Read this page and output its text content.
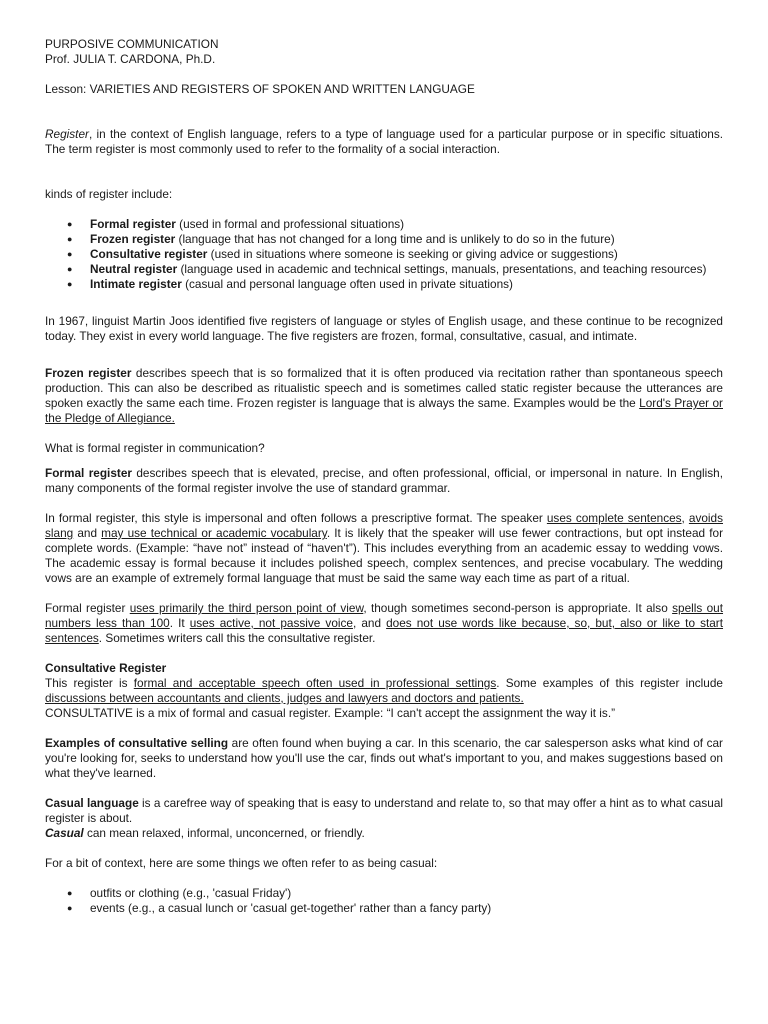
PURPOSIVE COMMUNICATION

Prof. JULIA T. CARDONA, Ph.D.

Lesson: VARIETIES AND REGISTERS OF SPOKEN AND WRITTEN LANGUAGE

Register, in the context of English language, refers to a type of language used for a particular purpose or in specific situations. The term register is most commonly used to refer to the formality of a social interaction.

kinds of register include:

● Formal register (used in formal and professional situations)
● Frozen register (language that has not changed for a long time and is unlikely to do so in the future)
● Consultative register (used in situations where someone is seeking or giving advice or suggestions)
● Neutral register (language used in academic and technical settings, manuals, presentations, and teaching resources)
● Intimate register (casual and personal language often used in private situations)

In 1967, linguist Martin Joos identified five registers of language or styles of English usage, and these continue to be recognized today. They exist in every world language. The five registers are frozen, formal, consultative, casual, and intimate.

Frozen register describes speech that is so formalized that it is often produced via recitation rather than spontaneous speech production. This can also be described as ritualistic speech and is sometimes called static register because the utterances are spoken exactly the same each time. Frozen register is language that is always the same. Examples would be the Lord's Prayer or the Pledge of Allegiance.

What is formal register in communication?

Formal register describes speech that is elevated, precise, and often professional, official, or impersonal in nature. In English, many components of the formal register involve the use of standard grammar.

In formal register, this style is impersonal and often follows a prescriptive format. The speaker uses complete sentences, avoids slang and may use technical or academic vocabulary. It is likely that the speaker will use fewer contractions, but opt instead for complete words. (Example: “have not” instead of “haven't”). This includes everything from an academic essay to wedding vows. The academic essay is formal because it includes polished speech, complex sentences, and precise vocabulary. The wedding vows are an example of extremely formal language that must be said the same way each time as part of a ritual.

Formal register uses primarily the third person point of view, though sometimes second-person is appropriate. It also spells out numbers less than 100. It uses active, not passive voice, and does not use words like because, so, but, also or like to start sentences. Sometimes writers call this the consultative register.

Consultative Register

This register is formal and acceptable speech often used in professional settings. Some examples of this register include discussions between accountants and clients, judges and lawyers and doctors and patients.

CONSULTATIVE is a mix of formal and casual register. Example: “I can't accept the assignment the way it is.”

Examples of consultative selling are often found when buying a car. In this scenario, the car salesperson asks what kind of car you're looking for, seeks to understand how you'll use the car, finds out what's important to you, and makes suggestions based on what they've learned.

Casual language is a carefree way of speaking that is easy to understand and relate to, so that may offer a hint as to what casual register is about.

Casual can mean relaxed, informal, unconcerned, or friendly.

For a bit of context, here are some things we often refer to as being casual:

● outfits or clothing (e.g., 'casual Friday')
● events (e.g., a casual lunch or 'casual get-together' rather than a fancy party)
